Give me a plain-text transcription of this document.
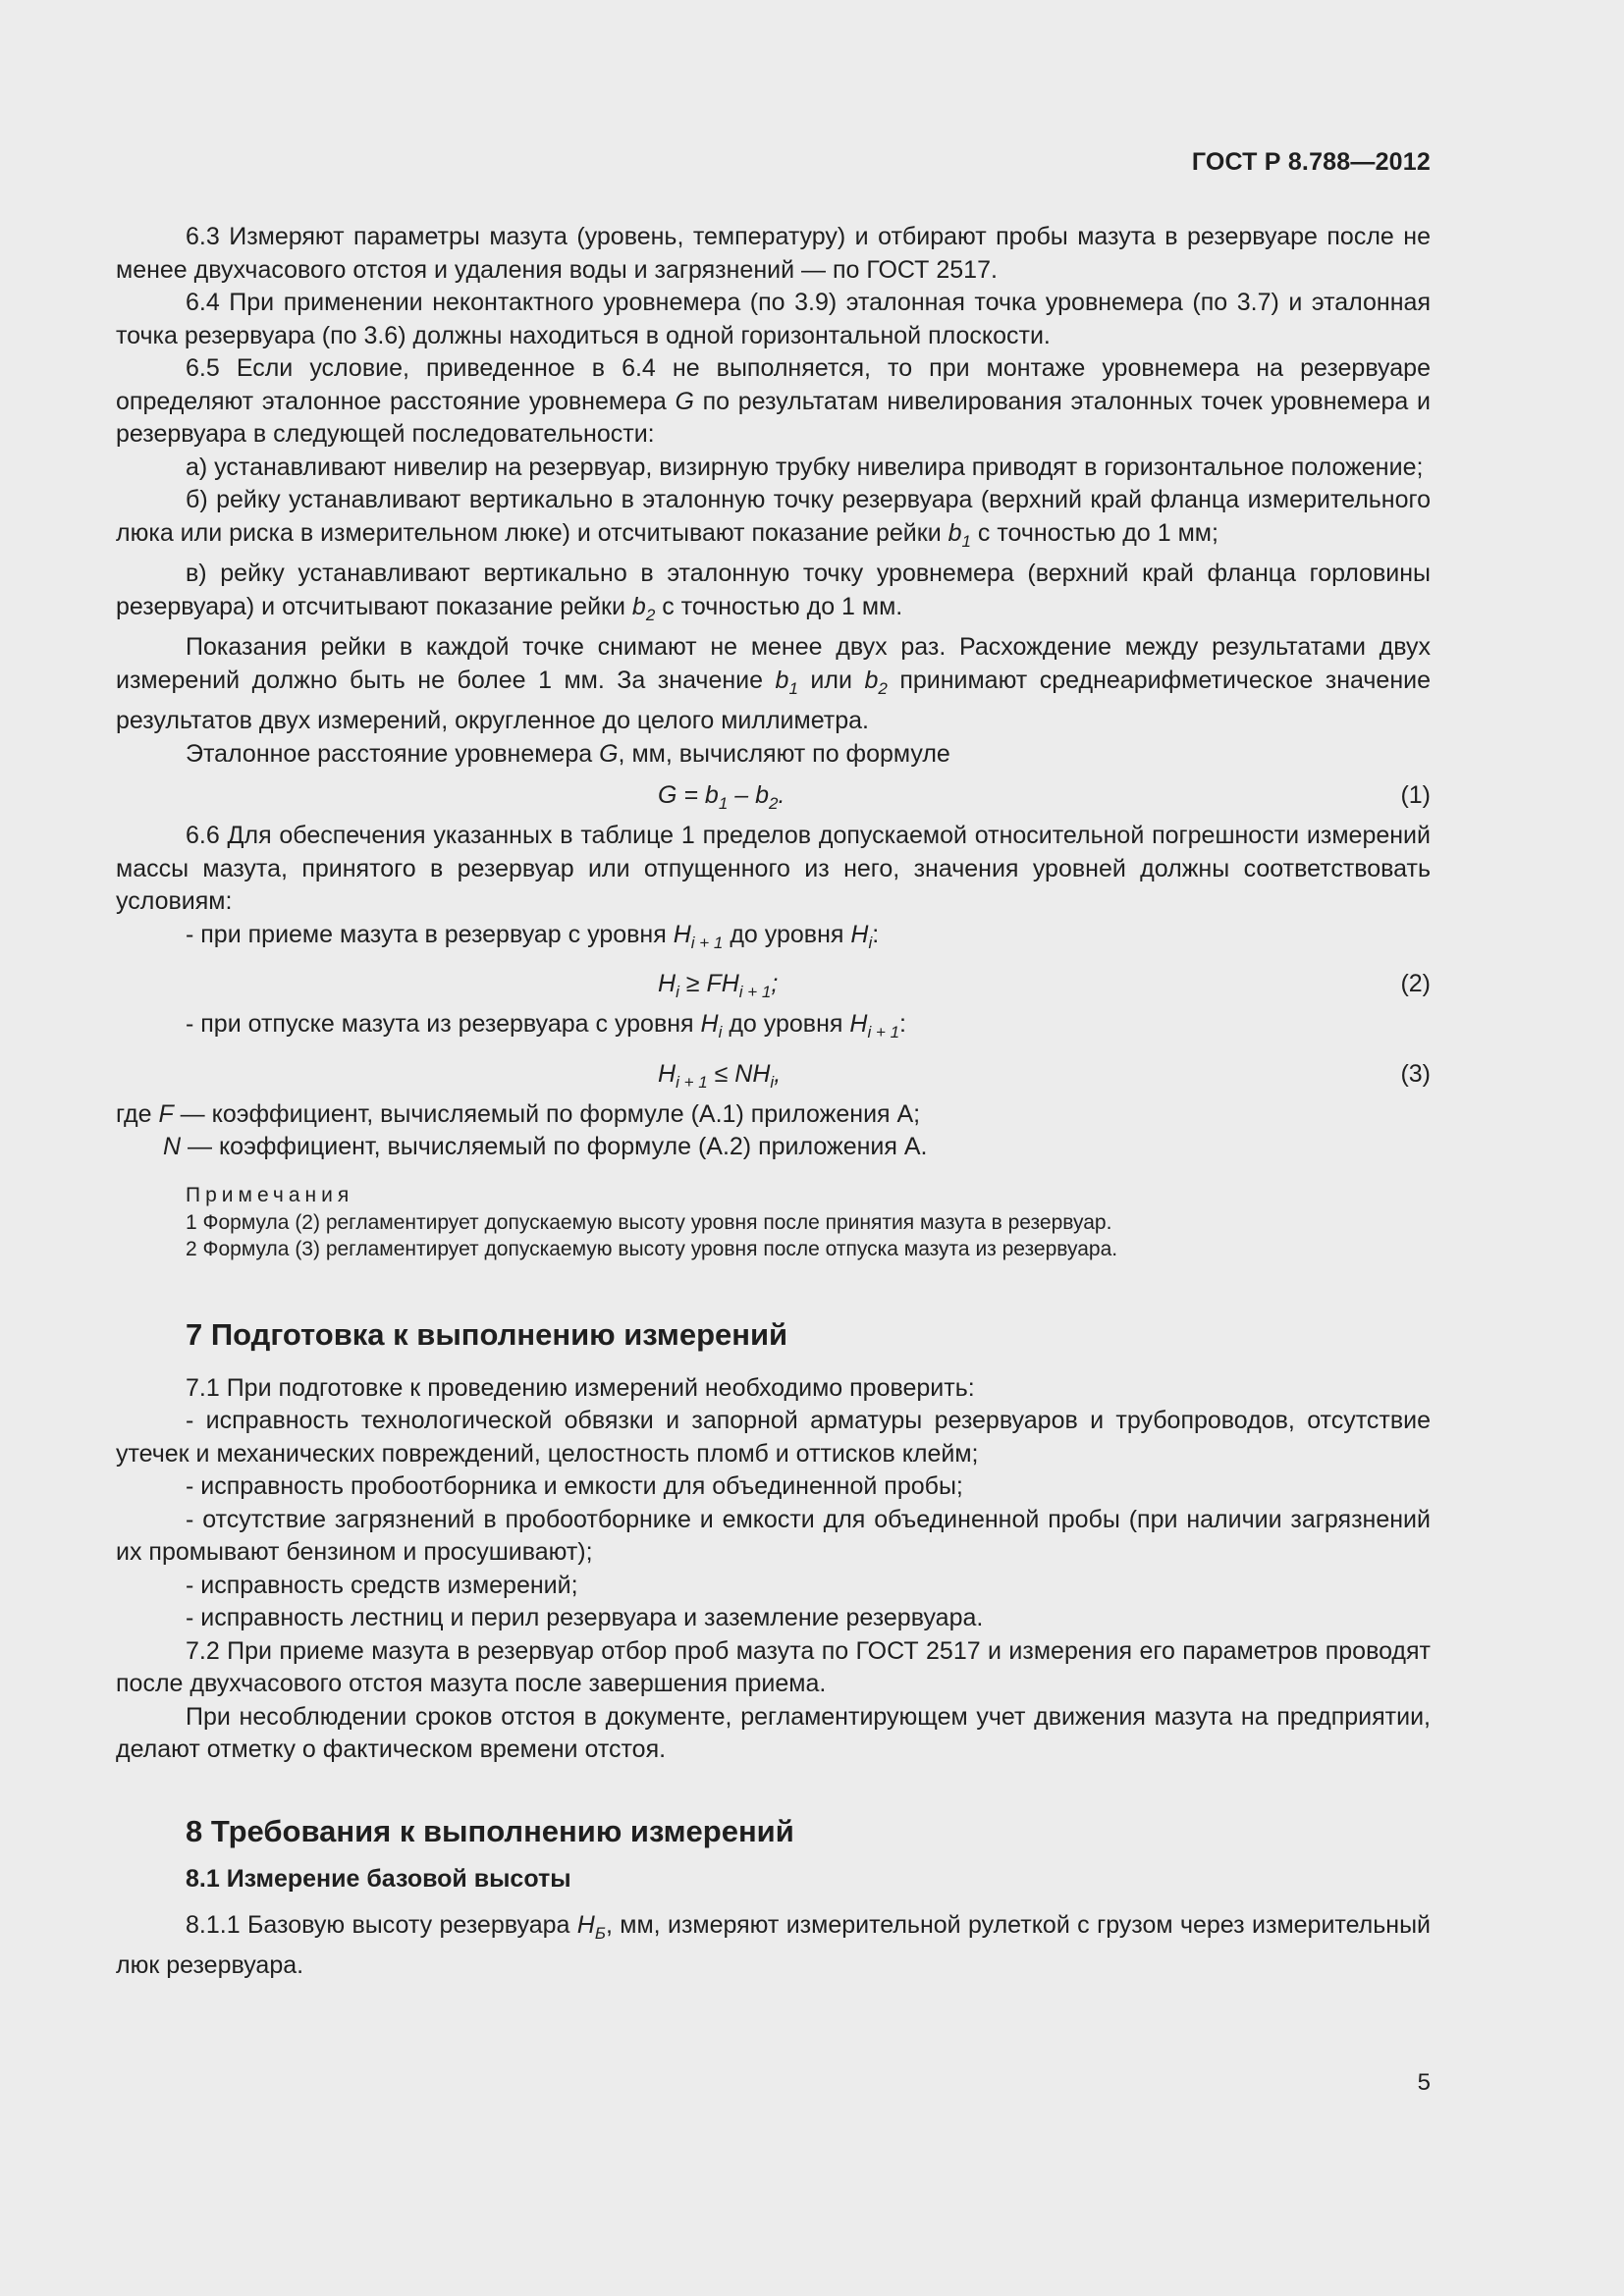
ГОСТ Р 8.788—2012

6.3 Измеряют параметры мазута (уровень, температуру) и отбирают пробы мазута в резервуаре после не менее двухчасового отстоя и удаления воды и загрязнений — по ГОСТ 2517.

6.4 При применении неконтактного уровнемера (по 3.9) эталонная точка уровнемера (по 3.7) и эталонная точка резервуара (по 3.6) должны находиться в одной горизонтальной плоскости.

6.5 Если условие, приведенное в 6.4 не выполняется, то при монтаже уровнемера на резервуаре определяют эталонное расстояние уровнемера G по результатам нивелирования эталонных точек уровнемера и резервуара в следующей последовательности:

а) устанавливают нивелир на резервуар, визирную трубку нивелира приводят в горизонтальное положение;

б) рейку устанавливают вертикально в эталонную точку резервуара (верхний край фланца измерительного люка или риска в измерительном люке) и отсчитывают показание рейки $b_1$ с точностью до 1 мм;

в) рейку устанавливают вертикально в эталонную точку уровнемера (верхний край фланца горловины резервуара) и отсчитывают показание рейки $b_2$ с точностью до 1 мм.

Показания рейки в каждой точке снимают не менее двух раз. Расхождение между результатами двух измерений должно быть не более 1 мм. За значение $b_1$ или $b_2$ принимают среднеарифметическое значение результатов двух измерений, округленное до целого миллиметра.

Эталонное расстояние уровнемера G, мм, вычисляют по формуле

$G = b_1 - b_2$.	(1)

6.6 Для обеспечения указанных в таблице 1 пределов допускаемой относительной погрешности измерений массы мазута, принятого в резервуар или отпущенного из него, значения уровней должны соответствовать условиям:

- при приеме мазута в резервуар с уровня $H_{i + 1}$ до уровня $H_i$:

$H_i \ge FH_{i + 1}$;	(2)

- при отпуске мазута из резервуара с уровня $H_i$ до уровня $H_{i + 1}$:

$H_{i + 1} \le NH_i$,	(3)

где F — коэффициент, вычисляемый по формуле (А.1) приложения А;

N — коэффициент, вычисляемый по формуле (А.2) приложения А.

Примечания

1 Формула (2) регламентирует допускаемую высоту уровня после принятия мазута в резервуар.

2 Формула (3) регламентирует допускаемую высоту уровня после отпуска мазута из резервуара.

7 Подготовка к выполнению измерений

7.1 При подготовке к проведению измерений необходимо проверить:

- исправность технологической обвязки и запорной арматуры резервуаров и трубопроводов, отсутствие утечек и механических повреждений, целостность пломб и оттисков клейм;

- исправность пробоотборника и емкости для объединенной пробы;

- отсутствие загрязнений в пробоотборнике и емкости для объединенной пробы (при наличии загрязнений их промывают бензином и просушивают);

- исправность средств измерений;

- исправность лестниц и перил резервуара и заземление резервуара.

7.2 При приеме мазута в резервуар отбор проб мазута по ГОСТ 2517 и измерения его параметров проводят после двухчасового отстоя мазута после завершения приема.

При несоблюдении сроков отстоя в документе, регламентирующем учет движения мазута на предприятии, делают отметку о фактическом времени отстоя.

8 Требования к выполнению измерений
8.1 Измерение базовой высоты

8.1.1 Базовую высоту резервуара $H_Б$, мм, измеряют измерительной рулеткой с грузом через измерительный люк резервуара.

5
